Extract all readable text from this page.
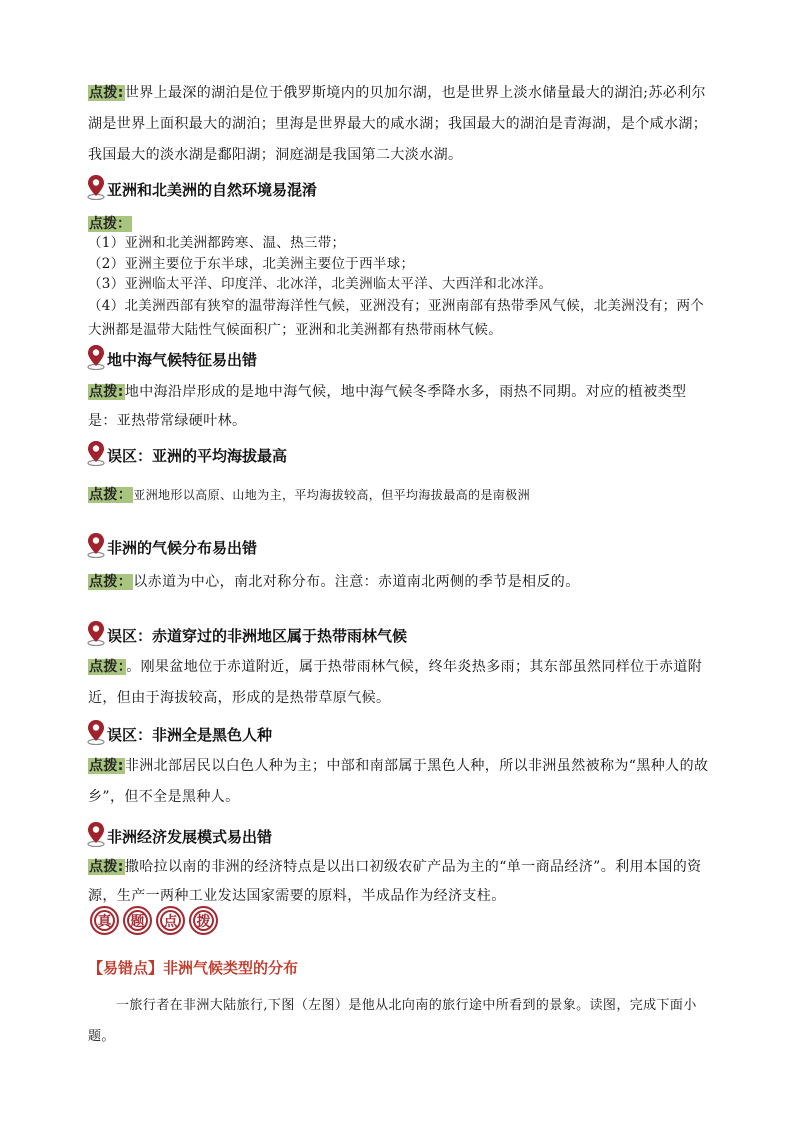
点拨:世界上最深的湖泊是位于俄罗斯境内的贝加尔湖，也是世界上淡水储量最大的湖泊;苏必利尔湖是世界上面积最大的湖泊；里海是世界最大的咸水湖；我国最大的湖泊是青海湖，是个咸水湖；我国最大的淡水湖是鄱阳湖；洞庭湖是我国第二大淡水湖。
亚洲和北美洲的自然环境易混淆
点拨：
（1）亚洲和北美洲都跨寒、温、热三带；
（2）亚洲主要位于东半球，北美洲主要位于西半球；
（3）亚洲临太平洋、印度洋、北冰洋，北美洲临太平洋、大西洋和北冰洋。
（4）北美洲西部有狭窄的温带海洋性气候，亚洲没有；亚洲南部有热带季风气候，北美洲没有；两个大洲都是温带大陆性气候面积广；亚洲和北美洲都有热带雨林气候。
地中海气候特征易出错
点拨:地中海沿岸形成的是地中海气候，地中海气候冬季降水多，雨热不同期。对应的植被类型是：亚热带常绿硬叶林。
误区：亚洲的平均海拔最高
点拨：亚洲地形以高原、山地为主，平均海拔较高，但平均海拔最高的是南极洲
非洲的气候分布易出错
点拨：以赤道为中心，南北对称分布。注意：赤道南北两侧的季节是相反的。
误区：赤道穿过的非洲地区属于热带雨林气候
点拨：。刚果盆地位于赤道附近，属于热带雨林气候，终年炎热多雨；其东部虽然同样位于赤道附近，但由于海拔较高，形成的是热带草原气候。
误区：非洲全是黑色人种
点拨:非洲北部居民以白色人种为主；中部和南部属于黑色人种，所以非洲虽然被称为“黑种人的故乡”，但不全是黑种人。
非洲经济发展模式易出错
点拨:撒哈拉以南的非洲的经济特点是以出口初级农矿产品为主的“单一商品经济”。利用本国的资源，生产一两种工业发达国家需要的原料，半成品作为经济支柱。
真	题	点	拨
【易错点】非洲气候类型的分布
一旅行者在非洲大陆旅行,下图（左图）是他从北向南的旅行途中所看到的景象。读图，完成下面小题。
